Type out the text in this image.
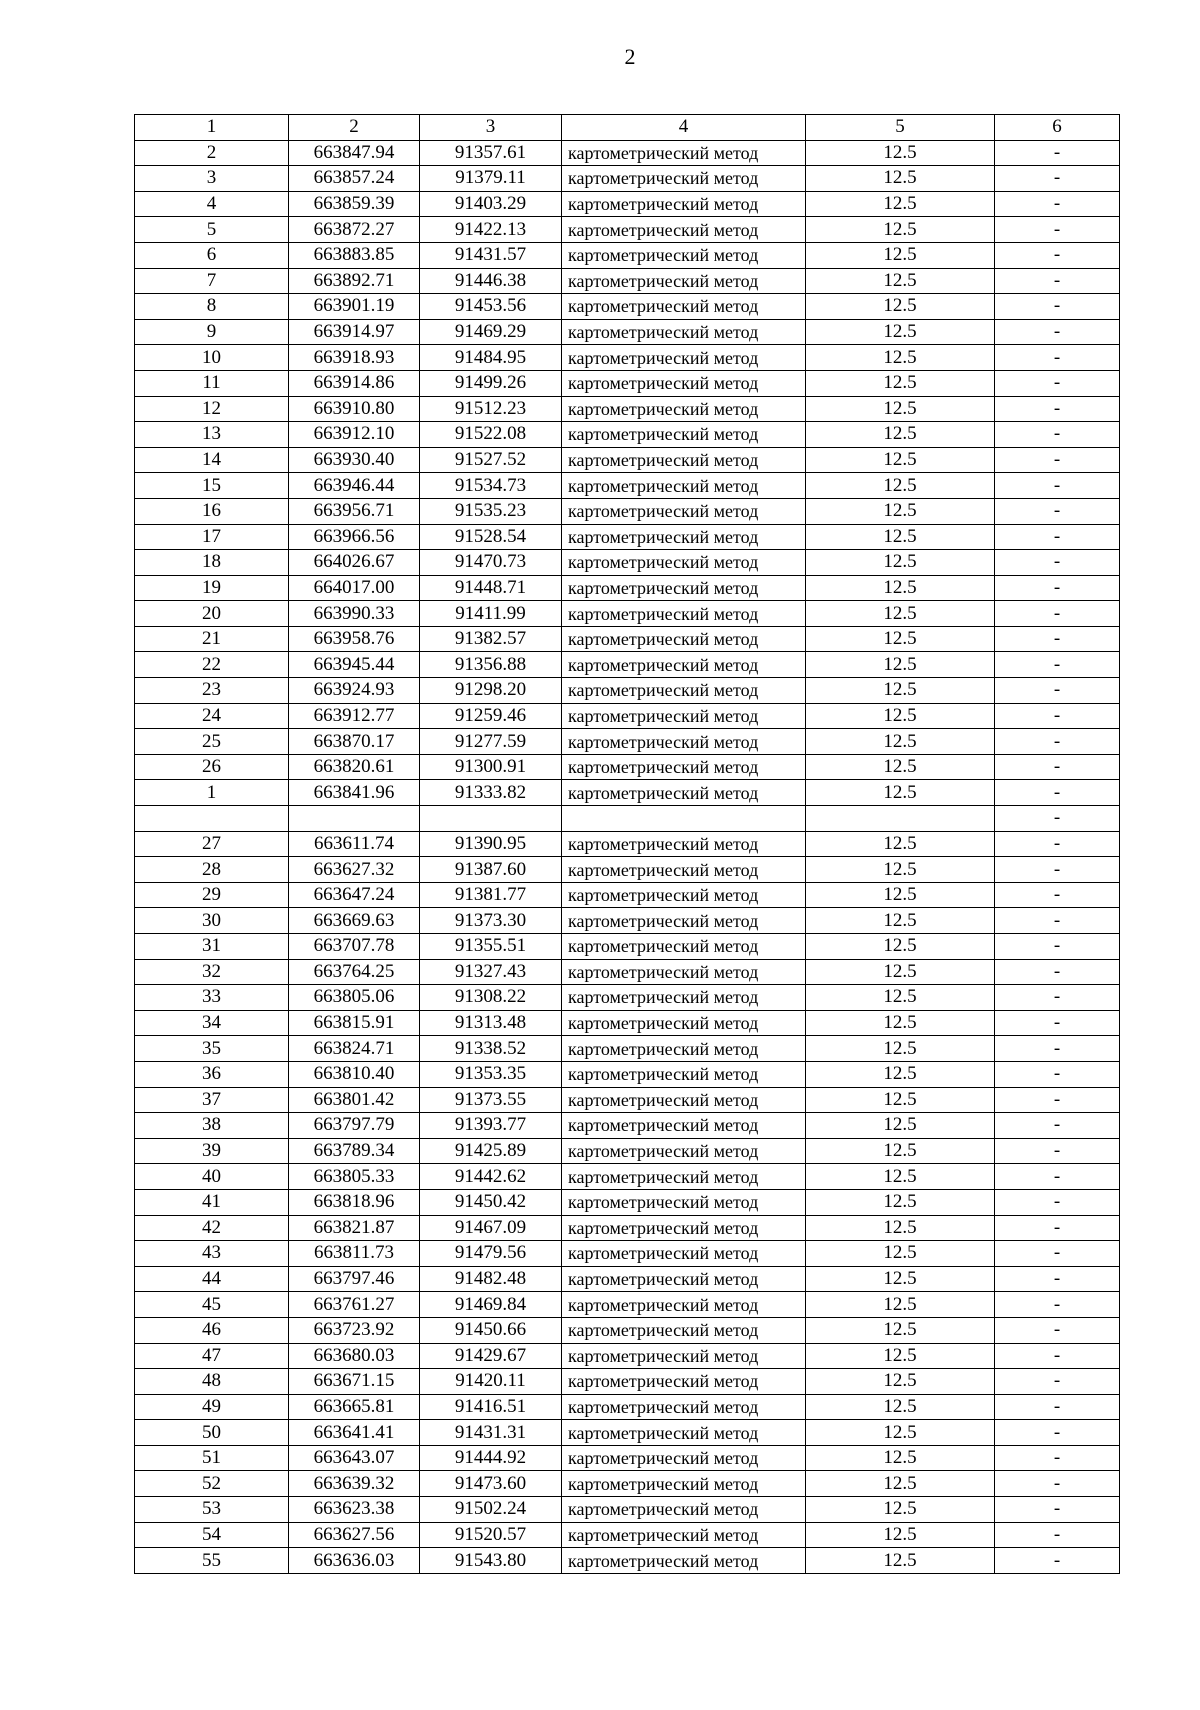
2
1	2	3	4	5	6
2	663847.94	91357.61	картометрический метод	12.5	-
3	663857.24	91379.11	картометрический метод	12.5	-
4	663859.39	91403.29	картометрический метод	12.5	-
5	663872.27	91422.13	картометрический метод	12.5	-
6	663883.85	91431.57	картометрический метод	12.5	-
7	663892.71	91446.38	картометрический метод	12.5	-
8	663901.19	91453.56	картометрический метод	12.5	-
9	663914.97	91469.29	картометрический метод	12.5	-
10	663918.93	91484.95	картометрический метод	12.5	-
11	663914.86	91499.26	картометрический метод	12.5	-
12	663910.80	91512.23	картометрический метод	12.5	-
13	663912.10	91522.08	картометрический метод	12.5	-
14	663930.40	91527.52	картометрический метод	12.5	-
15	663946.44	91534.73	картометрический метод	12.5	-
16	663956.71	91535.23	картометрический метод	12.5	-
17	663966.56	91528.54	картометрический метод	12.5	-
18	664026.67	91470.73	картометрический метод	12.5	-
19	664017.00	91448.71	картометрический метод	12.5	-
20	663990.33	91411.99	картометрический метод	12.5	-
21	663958.76	91382.57	картометрический метод	12.5	-
22	663945.44	91356.88	картометрический метод	12.5	-
23	663924.93	91298.20	картометрический метод	12.5	-
24	663912.77	91259.46	картометрический метод	12.5	-
25	663870.17	91277.59	картометрический метод	12.5	-
26	663820.61	91300.91	картометрический метод	12.5	-
1	663841.96	91333.82	картометрический метод	12.5	-
					-
27	663611.74	91390.95	картометрический метод	12.5	-
28	663627.32	91387.60	картометрический метод	12.5	-
29	663647.24	91381.77	картометрический метод	12.5	-
30	663669.63	91373.30	картометрический метод	12.5	-
31	663707.78	91355.51	картометрический метод	12.5	-
32	663764.25	91327.43	картометрический метод	12.5	-
33	663805.06	91308.22	картометрический метод	12.5	-
34	663815.91	91313.48	картометрический метод	12.5	-
35	663824.71	91338.52	картометрический метод	12.5	-
36	663810.40	91353.35	картометрический метод	12.5	-
37	663801.42	91373.55	картометрический метод	12.5	-
38	663797.79	91393.77	картометрический метод	12.5	-
39	663789.34	91425.89	картометрический метод	12.5	-
40	663805.33	91442.62	картометрический метод	12.5	-
41	663818.96	91450.42	картометрический метод	12.5	-
42	663821.87	91467.09	картометрический метод	12.5	-
43	663811.73	91479.56	картометрический метод	12.5	-
44	663797.46	91482.48	картометрический метод	12.5	-
45	663761.27	91469.84	картометрический метод	12.5	-
46	663723.92	91450.66	картометрический метод	12.5	-
47	663680.03	91429.67	картометрический метод	12.5	-
48	663671.15	91420.11	картометрический метод	12.5	-
49	663665.81	91416.51	картометрический метод	12.5	-
50	663641.41	91431.31	картометрический метод	12.5	-
51	663643.07	91444.92	картометрический метод	12.5	-
52	663639.32	91473.60	картометрический метод	12.5	-
53	663623.38	91502.24	картометрический метод	12.5	-
54	663627.56	91520.57	картометрический метод	12.5	-
55	663636.03	91543.80	картометрический метод	12.5	-
